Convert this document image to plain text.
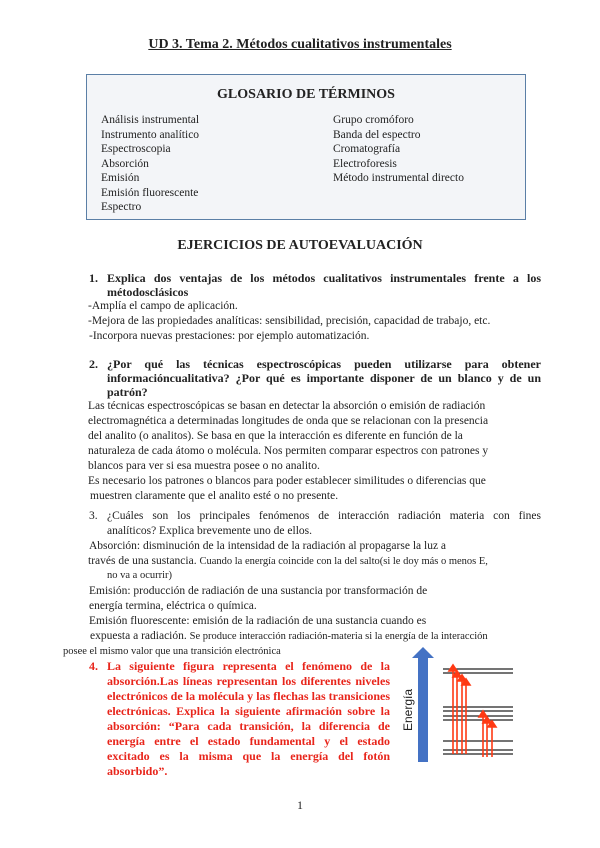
UD 3. Tema 2. Métodos cualitativos instrumentales
GLOSARIO DE TÉRMINOS
Análisis instrumental
Instrumento analítico
Espectroscopia
Absorción
Emisión
Emisión fluorescente
Espectro
Grupo cromóforo
Banda del espectro
Cromatografía
Electroforesis
Método instrumental directo
EJERCICIOS DE AUTOEVALUACIÓN
1. Explica dos ventajas de los métodos cualitativos instrumentales frente a los
métodosclásicos
-Amplía el campo de aplicación.
-Mejora de las propiedades analíticas: sensibilidad, precisión, capacidad de trabajo, etc.
-Incorpora nuevas prestaciones: por ejemplo automatización.
2. ¿Por qué las técnicas espectroscópicas pueden utilizarse para obtener
informacióncualitativa? ¿Por qué es importante disponer de un blanco y de un
patrón?
Las técnicas espectroscópicas se basan en detectar la absorción o emisión de radiación
electromagnética a determinadas longitudes de onda que se relacionan con la presencia
del analito (o analitos). Se basa en que la interacción es diferente en función de la
naturaleza de cada átomo o molécula. Nos permiten comparar espectros con patrones y
blancos para ver si esa muestra posee o no analito.
Es necesario los patrones o blancos para poder establecer similitudes o diferencias que
muestren claramente que el analito esté o no presente.
3. ¿Cuáles son los principales fenómenos de interacción radiación materia con fines
analíticos? Explica brevemente uno de ellos.
Absorción: disminución de la intensidad de la radiación al propagarse la luz a
través de una sustancia. Cuando la energía coincide con la del salto(si le doy más o menos E,
no va a ocurrir)
Emisión: producción de radiación de una sustancia por transformación de
energía termina, eléctrica o química.
Emisión fluorescente: emisión de la radiación de una sustancia cuando es
expuesta a radiación. Se produce interacción radiación-materia si la energía de la interacción
posee el mismo valor que una transición electrónica
4. La siguiente figura representa el fenómeno de la absorción.Las líneas representan los diferentes niveles electrónicos de la molécula y las flechas las transiciones electrónicas. Explica la siguiente afirmación sobre la absorción: “Para cada transición, la diferencia de energía entre el estado fundamental y el estado excitado es la misma que la energía del fotón absorbido”.
Energía
1
